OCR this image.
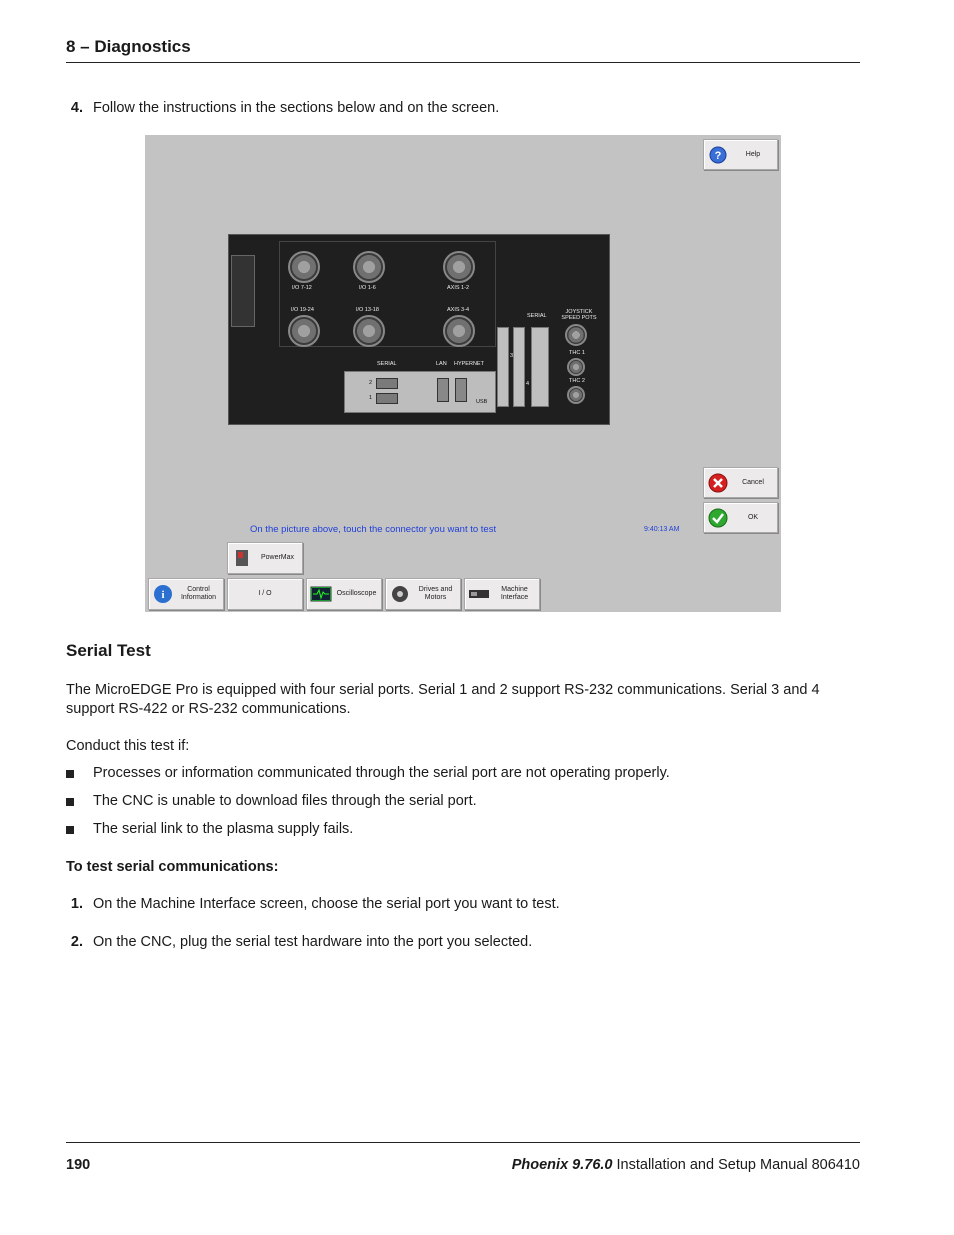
8 – Diagnostics
4. Follow the instructions in the sections below and on the screen.
?	Help
I/O 7-12	I/O 1-6	AXIS 1-2
I/O 19-24	I/O 13-18	AXIS 3-4
SERIAL
JOYSTICK SPEED POTS
THC 1
THC 2
3
4
SERIAL	LAN HYPERNET
2
1
USB
Cancel
OK
On the picture above, touch the connector you want to test	9:40:13 AM
PowerMax
i	Control Information
I / O	Oscilloscope
Drives and Motors
Machine Interface
Serial Test
The MicroEDGE Pro is equipped with four serial ports. Serial 1 and 2 support RS-232 communications. Serial 3 and 4
support RS-422 or RS-232 communications.
Conduct this test if:
Processes or information communicated through the serial port are not operating properly.
The CNC is unable to download files through the serial port.
The serial link to the plasma supply fails.
To test serial communications:
1. On the Machine Interface screen, choose the serial port you want to test.
2. On the CNC, plug the serial test hardware into the port you selected.
190	Phoenix 9.76.0 Installation and Setup Manual 806410
